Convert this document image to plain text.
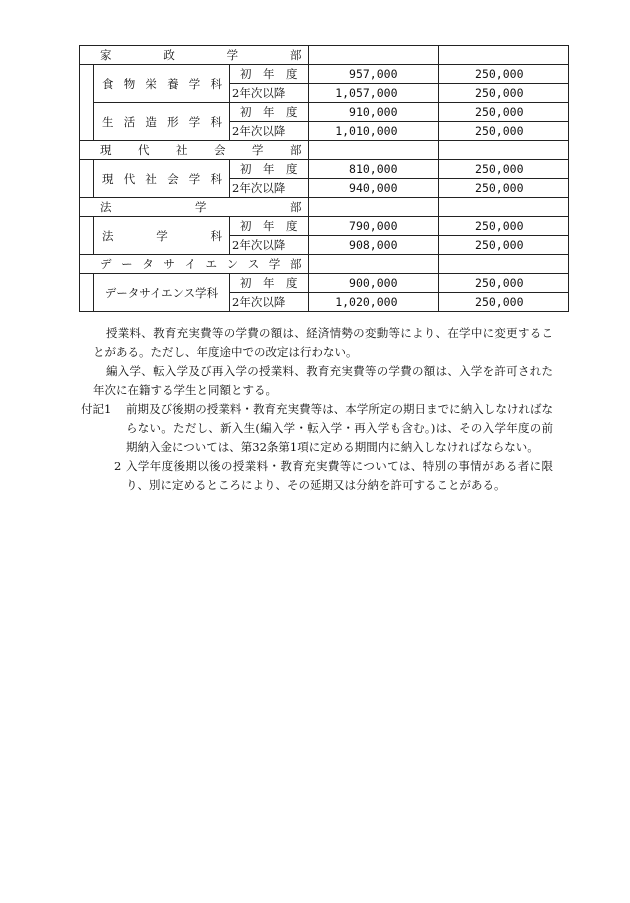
家　　政　　学　　部				
	食 物 栄 養 学 科	初　年　度	957,000	250,000
		2年次以降	1,057,000	250,000
	生 活 造 形 学 科	初　年　度	910,000	250,000
		2年次以降	1,010,000	250,000
現　代　社　会　学　部				
	現 代 社 会 学 科	初　年　度	810,000	250,000
		2年次以降	940,000	250,000
法　　　学　　　部				
	法　　学　　科	初　年　度	790,000	250,000
		2年次以降	908,000	250,000
デ ー タ サ イ エ ン ス 学 部				
	データサイエンス学科	初　年　度	900,000	250,000
		2年次以降	1,020,000	250,000

授業料、教育充実費等の学費の額は、経済情勢の変動等により、在学中に変更することがある。ただし、年度途中での改定は行わない。

編入学、転入学及び再入学の授業料、教育充実費等の学費の額は、入学を許可された年次に在籍する学生と同額とする。

付記1 前期及び後期の授業料・教育充実費等は、本学所定の期日までに納入しなければならない。ただし、新入生(編入学・転入学・再入学も含む。)は、その入学年度の前期納入金については、第32条第1項に定める期間内に納入しなければならない。

2 入学年度後期以後の授業料・教育充実費等については、特別の事情がある者に限り、別に定めるところにより、その延期又は分納を許可することがある。
